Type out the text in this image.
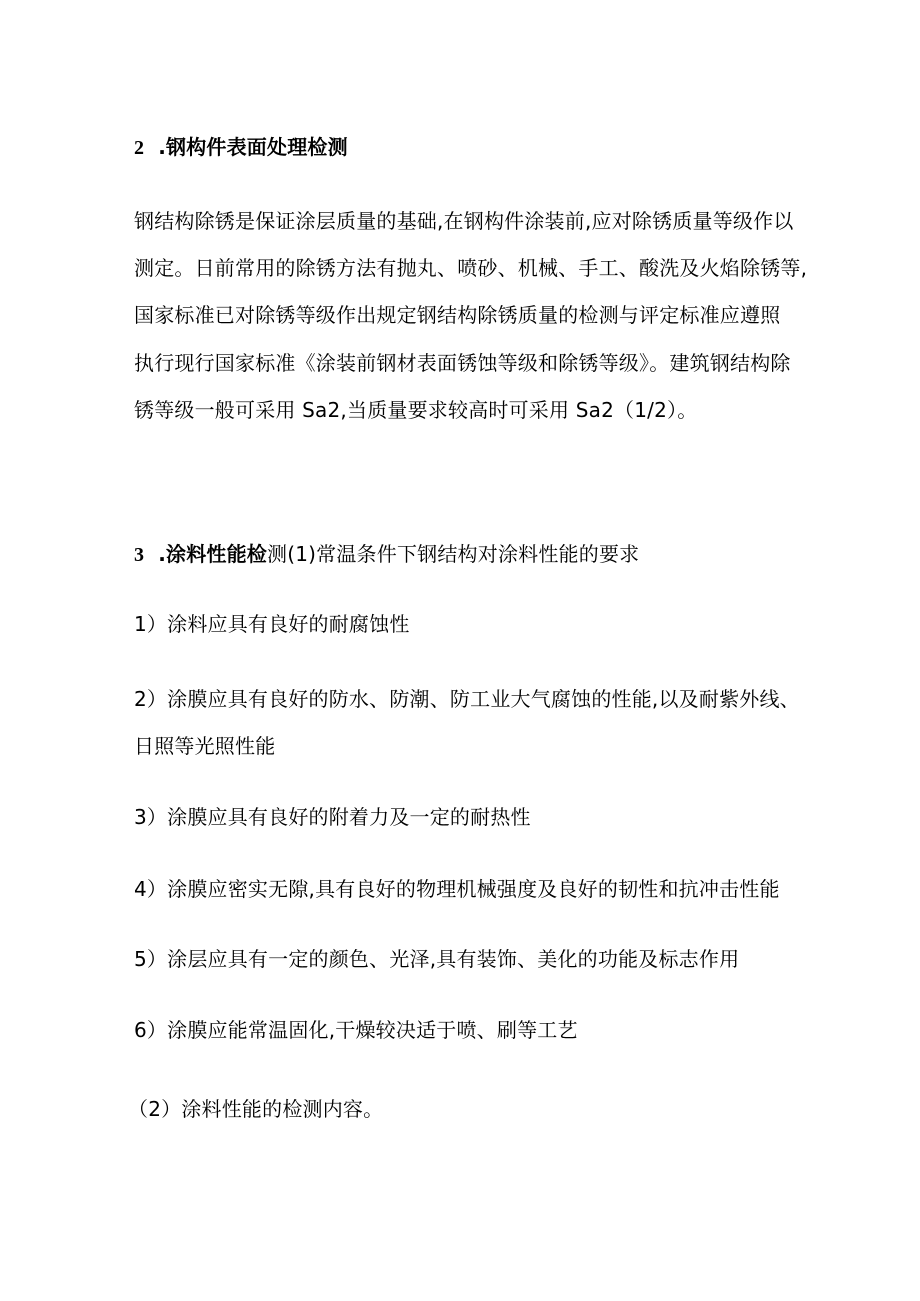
2 .钢构件表面处理检测
钢结构除锈是保证涂层质量的基础,在钢构件涂装前,应对除锈质量等级作以
测定。日前常用的除锈方法有抛丸、喷砂、机械、手工、酸洗及火焰除锈等,
国家标准已对除锈等级作出规定钢结构除锈质量的检测与评定标准应遵照
执行现行国家标准《涂装前钢材表面锈蚀等级和除锈等级》。建筑钢结构除
锈等级一般可采用 Sa2,当质量要求较高时可采用 Sa2（1/2）。
3 .涂料性能检测(1)常温条件下钢结构对涂料性能的要求
1）涂料应具有良好的耐腐蚀性
2）涂膜应具有良好的防水、防潮、防工业大气腐蚀的性能,以及耐紫外线、
日照等光照性能
3）涂膜应具有良好的附着力及一定的耐热性
4）涂膜应密实无隙,具有良好的物理机械强度及良好的韧性和抗冲击性能
5）涂层应具有一定的颜色、光泽,具有装饰、美化的功能及标志作用
6）涂膜应能常温固化,干燥较决适于喷、刷等工艺
（2）涂料性能的检测内容。
